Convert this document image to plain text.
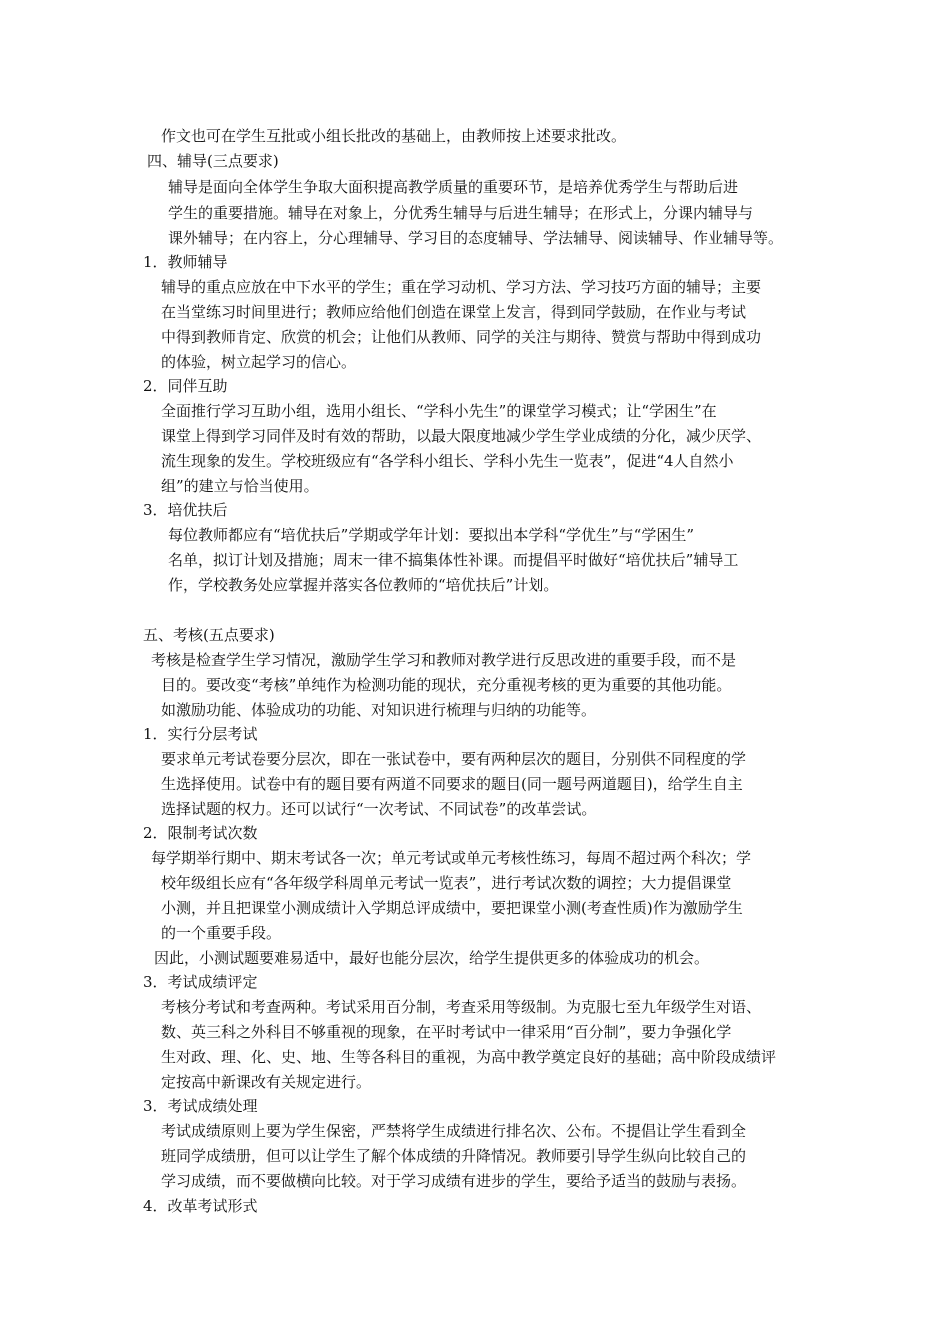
作文也可在学生互批或小组长批改的基础上，由教师按上述要求批改。
四、辅导(三点要求)
辅导是面向全体学生争取大面积提高教学质量的重要环节，是培养优秀学生与帮助后进
学生的重要措施。辅导在对象上，分优秀生辅导与后进生辅导；在形式上，分课内辅导与
课外辅导；在内容上，分心理辅导、学习目的态度辅导、学法辅导、阅读辅导、作业辅导等。
1．教师辅导
辅导的重点应放在中下水平的学生；重在学习动机、学习方法、学习技巧方面的辅导；主要
在当堂练习时间里进行；教师应给他们创造在课堂上发言，得到同学鼓励，在作业与考试
中得到教师肯定、欣赏的机会；让他们从教师、同学的关注与期待、赞赏与帮助中得到成功
的体验，树立起学习的信心。
2．同伴互助
全面推行学习互助小组，选用小组长、“学科小先生”的课堂学习模式；让“学困生”在
课堂上得到学习同伴及时有效的帮助，以最大限度地减少学生学业成绩的分化，减少厌学、
流生现象的发生。学校班级应有“各学科小组长、学科小先生一览表”，促进“4人自然小
组”的建立与恰当使用。
3．培优扶后
每位教师都应有“培优扶后”学期或学年计划：要拟出本学科“学优生”与“学困生”
名单，拟订计划及措施；周末一律不搞集体性补课。而提倡平时做好“培优扶后”辅导工
作，学校教务处应掌握并落实各位教师的“培优扶后”计划。
五、考核(五点要求)
考核是检查学生学习情况，激励学生学习和教师对教学进行反思改进的重要手段，而不是
目的。要改变“考核”单纯作为检测功能的现状，充分重视考核的更为重要的其他功能。
如激励功能、体验成功的功能、对知识进行梳理与归纳的功能等。
1．实行分层考试
要求单元考试卷要分层次，即在一张试卷中，要有两种层次的题目，分别供不同程度的学
生选择使用。试卷中有的题目要有两道不同要求的题目(同一题号两道题目)，给学生自主
选择试题的权力。还可以试行“一次考试、不同试卷”的改革尝试。
2．限制考试次数
每学期举行期中、期末考试各一次；单元考试或单元考核性练习，每周不超过两个科次；学
校年级组长应有“各年级学科周单元考试一览表”，进行考试次数的调控；大力提倡课堂
小测，并且把课堂小测成绩计入学期总评成绩中，要把课堂小测(考查性质)作为激励学生
的一个重要手段。
因此，小测试题要难易适中，最好也能分层次，给学生提供更多的体验成功的机会。
3．考试成绩评定
考核分考试和考查两种。考试采用百分制，考查采用等级制。为克服七至九年级学生对语、
数、英三科之外科目不够重视的现象，在平时考试中一律采用“百分制”，要力争强化学
生对政、理、化、史、地、生等各科目的重视，为高中教学奠定良好的基础；高中阶段成绩评
定按高中新课改有关规定进行。
3．考试成绩处理
考试成绩原则上要为学生保密，严禁将学生成绩进行排名次、公布。不提倡让学生看到全
班同学成绩册，但可以让学生了解个体成绩的升降情况。教师要引导学生纵向比较自己的
学习成绩，而不要做横向比较。对于学习成绩有进步的学生，要给予适当的鼓励与表扬。
4．改革考试形式
